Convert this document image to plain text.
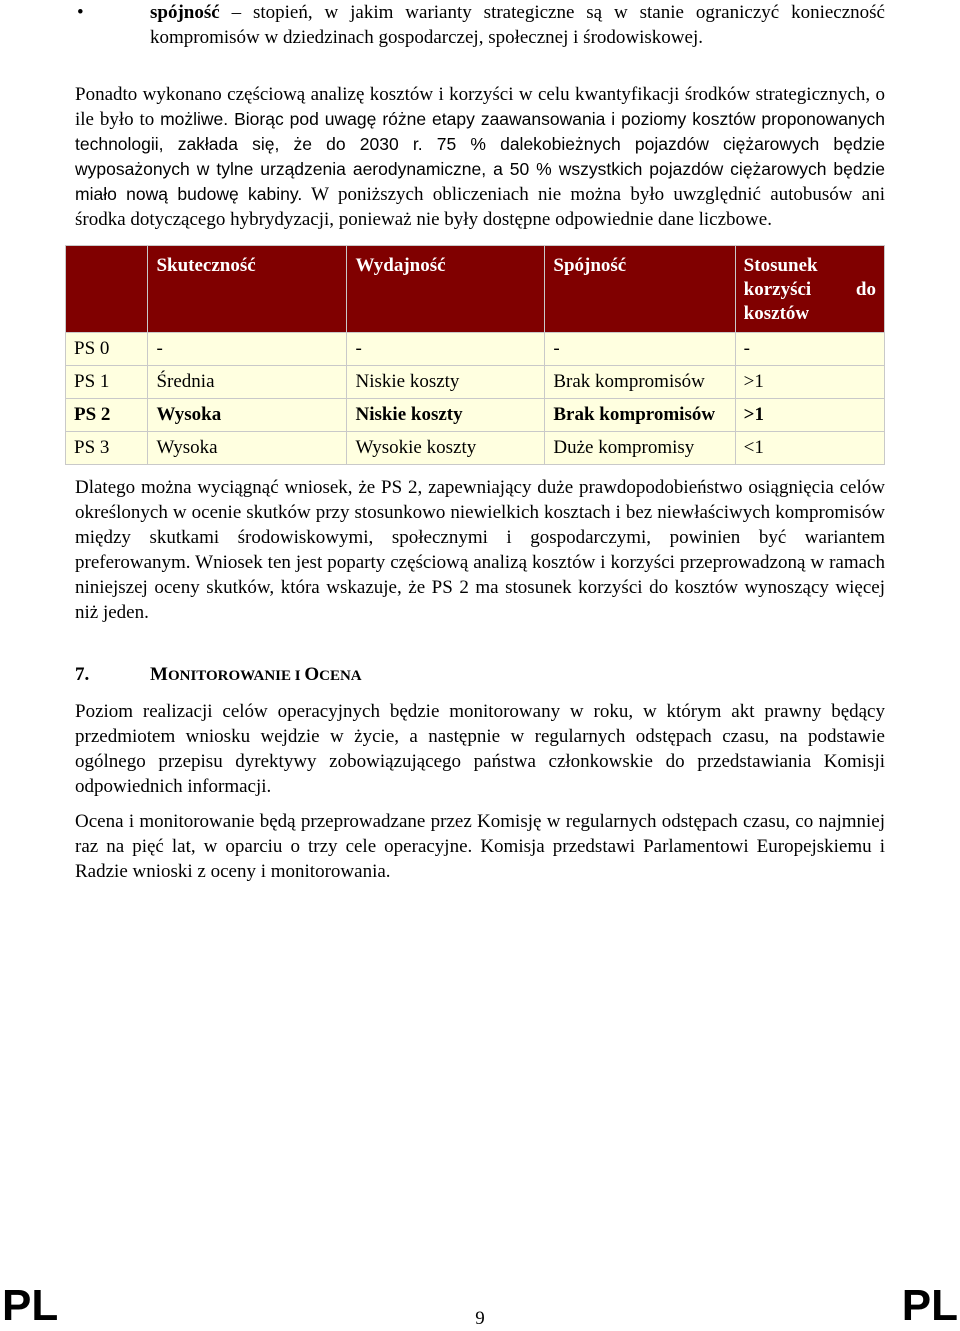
•	spójność – stopień, w jakim warianty strategiczne są w stanie ograniczyć konieczność kompromisów w dziedzinach gospodarczej, społecznej i środowiskowej.

Ponadto wykonano częściową analizę kosztów i korzyści w celu kwantyfikacji środków strategicznych, o ile było to możliwe. Biorąc pod uwagę różne etapy zaawansowania i poziomy kosztów proponowanych technologii, zakłada się, że do 2030 r. 75 % dalekobieżnych pojazdów ciężarowych będzie wyposażonych w tylne urządzenia aerodynamiczne, a 50 % wszystkich pojazdów ciężarowych będzie miało nową budowę kabiny. W poniższych obliczeniach nie można było uwzględnić autobusów ani środka dotyczącego hybrydyzacji, ponieważ nie były dostępne odpowiednie dane liczbowe.

	Skuteczność	Wydajność	Spójność	Stosunek korzyści do kosztów
PS 0	-	-	-	-
PS 1	Średnia	Niskie koszty	Brak kompromisów	>1
PS 2	Wysoka	Niskie koszty	Brak kompromisów	>1
PS 3	Wysoka	Wysokie koszty	Duże kompromisy	<1

Dlatego można wyciągnąć wniosek, że PS 2, zapewniający duże prawdopodobieństwo osiągnięcia celów określonych w ocenie skutków przy stosunkowo niewielkich kosztach i bez niewłaściwych kompromisów między skutkami środowiskowymi, społecznymi i gospodarczymi, powinien być wariantem preferowanym. Wniosek ten jest poparty częściową analizą kosztów i korzyści przeprowadzoną w ramach niniejszej oceny skutków, która wskazuje, że PS 2 ma stosunek korzyści do kosztów wynoszący więcej niż jeden.

7.	MONITOROWANIE I OCENA

Poziom realizacji celów operacyjnych będzie monitorowany w roku, w którym akt prawny będący przedmiotem wniosku wejdzie w życie, a następnie w regularnych odstępach czasu, na podstawie ogólnego przepisu dyrektywy zobowiązującego państwa członkowskie do przedstawiania Komisji odpowiednich informacji.

Ocena i monitorowanie będą przeprowadzane przez Komisję w regularnych odstępach czasu, co najmniej raz na pięć lat, w oparciu o trzy cele operacyjne. Komisja przedstawi Parlamentowi Europejskiemu i Radzie wnioski z oceny i monitorowania.

PL	9	PL
